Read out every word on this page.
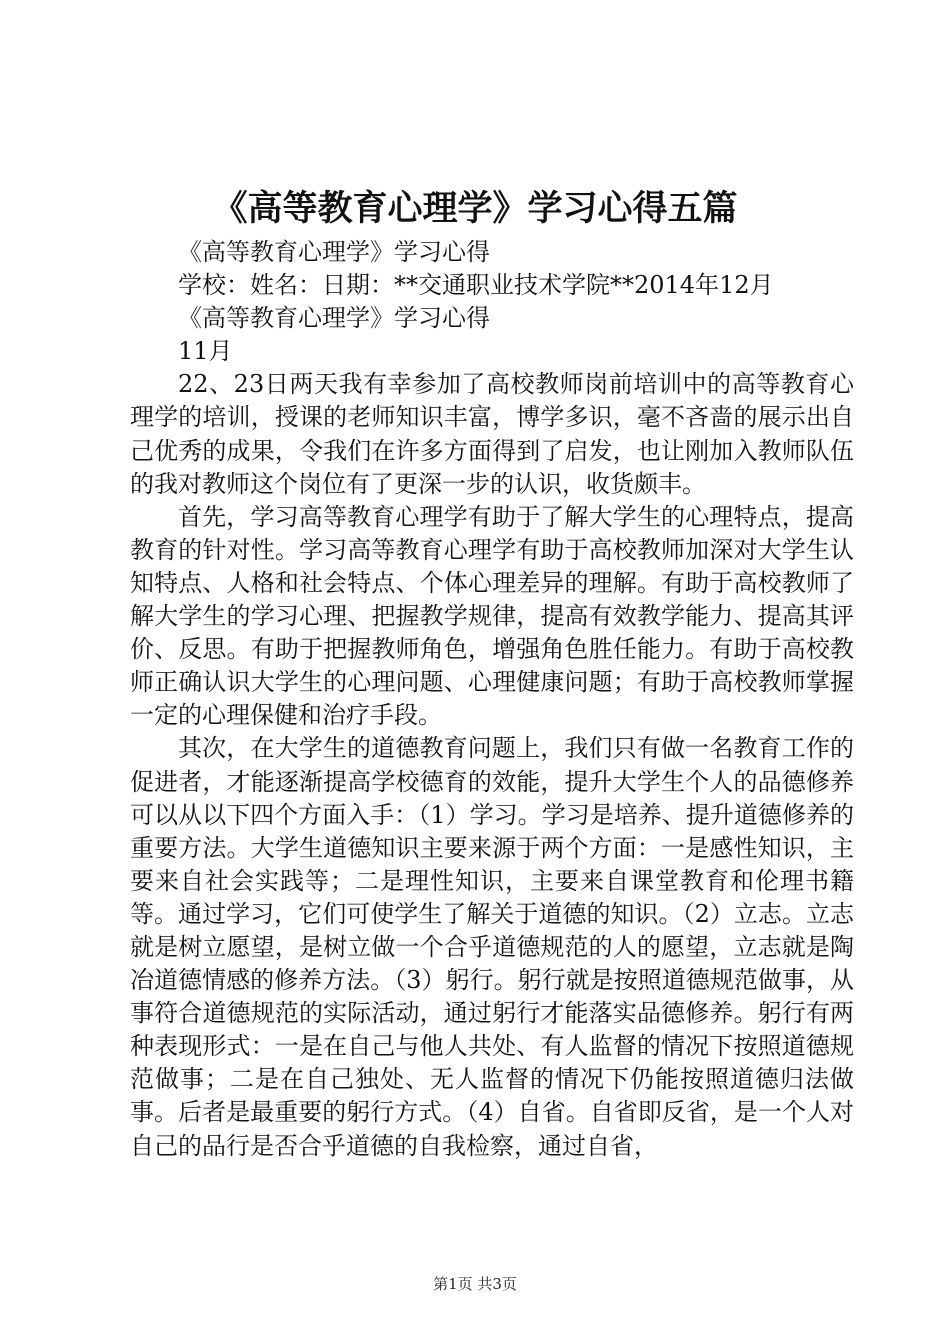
《高等教育心理学》学习心得五篇

《高等教育心理学》学习心得

学校：姓名：日期：**交通职业技术学院**2014年12月

《高等教育心理学》学习心得

11月

22、23日两天我有幸参加了高校教师岗前培训中的高等教育心理学的培训，授课的老师知识丰富，博学多识，毫不吝啬的展示出自己优秀的成果，令我们在许多方面得到了启发，也让刚加入教师队伍的我对教师这个岗位有了更深一步的认识，收货颇丰。

首先，学习高等教育心理学有助于了解大学生的心理特点，提高教育的针对性。学习高等教育心理学有助于高校教师加深对大学生认知特点、人格和社会特点、个体心理差异的理解。有助于高校教师了解大学生的学习心理、把握教学规律，提高有效教学能力、提高其评价、反思。有助于把握教师角色，增强角色胜任能力。有助于高校教师正确认识大学生的心理问题、心理健康问题；有助于高校教师掌握一定的心理保健和治疗手段。

其次，在大学生的道德教育问题上，我们只有做一名教育工作的促进者，才能逐渐提高学校德育的效能，提升大学生个人的品德修养可以从以下四个方面入手：（1）学习。学习是培养、提升道德修养的重要方法。大学生道德知识主要来源于两个方面：一是感性知识，主要来自社会实践等；二是理性知识，主要来自课堂教育和伦理书籍等。通过学习，它们可使学生了解关于道德的知识。（2）立志。立志就是树立愿望，是树立做一个合乎道德规范的人的愿望，立志就是陶冶道德情感的修养方法。（3）躬行。躬行就是按照道德规范做事，从事符合道德规范的实际活动，通过躬行才能落实品德修养。躬行有两种表现形式：一是在自己与他人共处、有人监督的情况下按照道德规范做事；二是在自己独处、无人监督的情况下仍能按照道德归法做事。后者是最重要的躬行方式。（4）自省。自省即反省，是一个人对自己的品行是否合乎道德的自我检察，通过自省，

第1页 共3页
